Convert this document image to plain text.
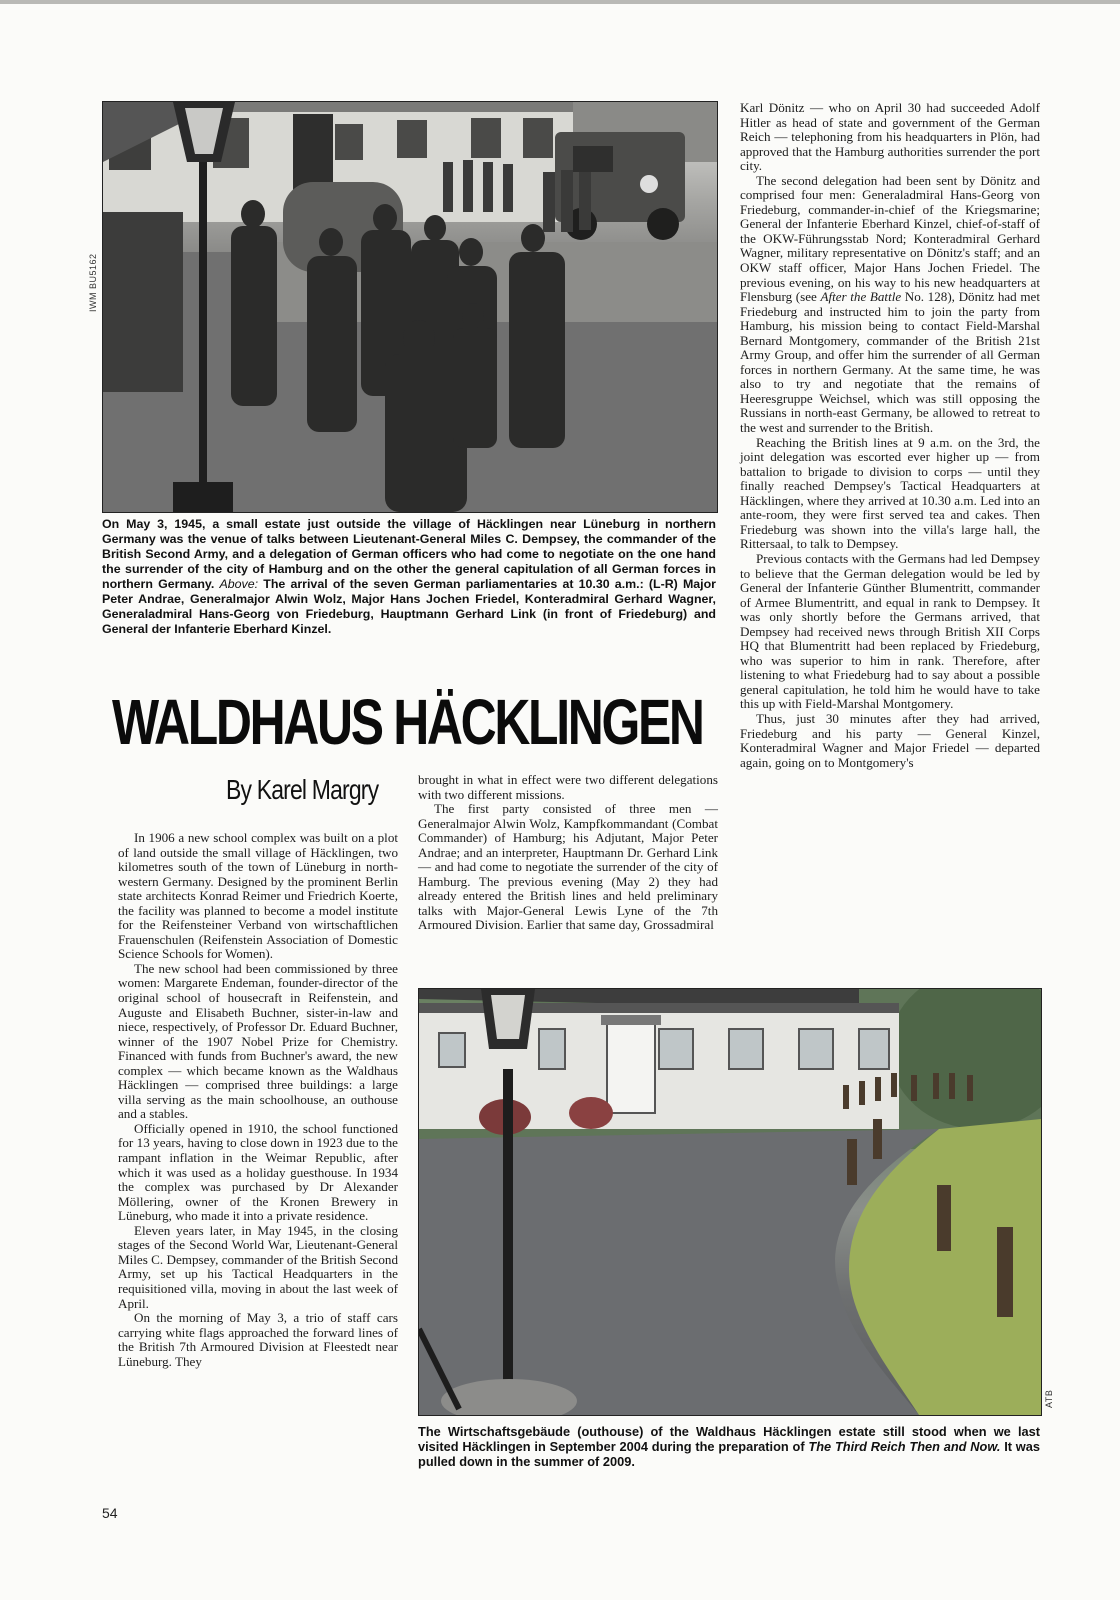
IWM BU5162

On May 3, 1945, a small estate just outside the village of Häcklingen near Lüneburg in northern Germany was the venue of talks between Lieutenant-General Miles C. Dempsey, the commander of the British Second Army, and a delegation of German officers who had come to negotiate on the one hand the surrender of the city of Hamburg and on the other the general capitulation of all German forces in northern Germany. Above: The arrival of the seven German parliamentaries at 10.30 a.m.: (L-R) Major Peter Andrae, Generalmajor Alwin Wolz, Major Hans Jochen Friedel, Konteradmiral Gerhard Wagner, Generaladmiral Hans-Georg von Friedeburg, Hauptmann Gerhard Link (in front of Friedeburg) and General der Infanterie Eberhard Kinzel.

WALDHAUS HÄCKLINGEN
By Karel Margry

In 1906 a new school complex was built on a plot of land outside the small village of Häcklingen, two kilometres south of the town of Lüneburg in north-western Germany. Designed by the prominent Berlin state architects Konrad Reimer und Friedrich Koerte, the facility was planned to become a model institute for the Reifensteiner Verband von wirtschaftlichen Frauenschulen (Reifenstein Association of Domestic Science Schools for Women).

The new school had been commissioned by three women: Margarete Endeman, founder-director of the original school of housecraft in Reifenstein, and Auguste and Elisabeth Buchner, sister-in-law and niece, respectively, of Professor Dr. Eduard Buchner, winner of the 1907 Nobel Prize for Chemistry. Financed with funds from Buchner's award, the new complex — which became known as the Waldhaus Häcklingen — comprised three buildings: a large villa serving as the main schoolhouse, an outhouse and a stables.

Officially opened in 1910, the school functioned for 13 years, having to close down in 1923 due to the rampant inflation in the Weimar Republic, after which it was used as a holiday guesthouse. In 1934 the complex was purchased by Dr Alexander Möllering, owner of the Kronen Brewery in Lüneburg, who made it into a private residence.

Eleven years later, in May 1945, in the closing stages of the Second World War, Lieutenant-General Miles C. Dempsey, commander of the British Second Army, set up his Tactical Headquarters in the requisitioned villa, moving in about the last week of April.

On the morning of May 3, a trio of staff cars carrying white flags approached the forward lines of the British 7th Armoured Division at Fleestedt near Lüneburg. They

brought in what in effect were two different delegations with two different missions.

The first party consisted of three men — Generalmajor Alwin Wolz, Kampfkommandant (Combat Commander) of Hamburg; his Adjutant, Major Peter Andrae; and an interpreter, Hauptmann Dr. Gerhard Link — and had come to negotiate the surrender of the city of Hamburg. The previous evening (May 2) they had already entered the British lines and held preliminary talks with Major-General Lewis Lyne of the 7th Armoured Division. Earlier that same day, Grossadmiral

Karl Dönitz — who on April 30 had succeeded Adolf Hitler as head of state and government of the German Reich — telephoning from his headquarters in Plön, had approved that the Hamburg authorities surrender the port city.

The second delegation had been sent by Dönitz and comprised four men: Generaladmiral Hans-Georg von Friedeburg, commander-in-chief of the Kriegsmarine; General der Infanterie Eberhard Kinzel, chief-of-staff of the OKW-Führungsstab Nord; Konteradmiral Gerhard Wagner, military representative on Dönitz's staff; and an OKW staff officer, Major Hans Jochen Friedel. The previous evening, on his way to his new headquarters at Flensburg (see After the Battle No. 128), Dönitz had met Friedeburg and instructed him to join the party from Hamburg, his mission being to contact Field-Marshal Bernard Montgomery, commander of the British 21st Army Group, and offer him the surrender of all German forces in northern Germany. At the same time, he was also to try and negotiate that the remains of Heeresgruppe Weichsel, which was still opposing the Russians in north-east Germany, be allowed to retreat to the west and surrender to the British.

Reaching the British lines at 9 a.m. on the 3rd, the joint delegation was escorted ever higher up — from battalion to brigade to division to corps — until they finally reached Dempsey's Tactical Headquarters at Häcklingen, where they arrived at 10.30 a.m. Led into an ante-room, they were first served tea and cakes. Then Friedeburg was shown into the villa's large hall, the Rittersaal, to talk to Dempsey.

Previous contacts with the Germans had led Dempsey to believe that the German delegation would be led by General der Infanterie Günther Blumentritt, commander of Armee Blumentritt, and equal in rank to Dempsey. It was only shortly before the Germans arrived, that Dempsey had received news through British XII Corps HQ that Blumentritt had been replaced by Friedeburg, who was superior to him in rank. Therefore, after listening to what Friedeburg had to say about a possible general capitulation, he told him he would have to take this up with Field-Marshal Montgomery.

Thus, just 30 minutes after they had arrived, Friedeburg and his party — General Kinzel, Konteradmiral Wagner and Major Friedel — departed again, going on to Montgomery's

ATB

The Wirtschaftsgebäude (outhouse) of the Waldhaus Häcklingen estate still stood when we last visited Häcklingen in September 2004 during the preparation of The Third Reich Then and Now. It was pulled down in the summer of 2009.

54
